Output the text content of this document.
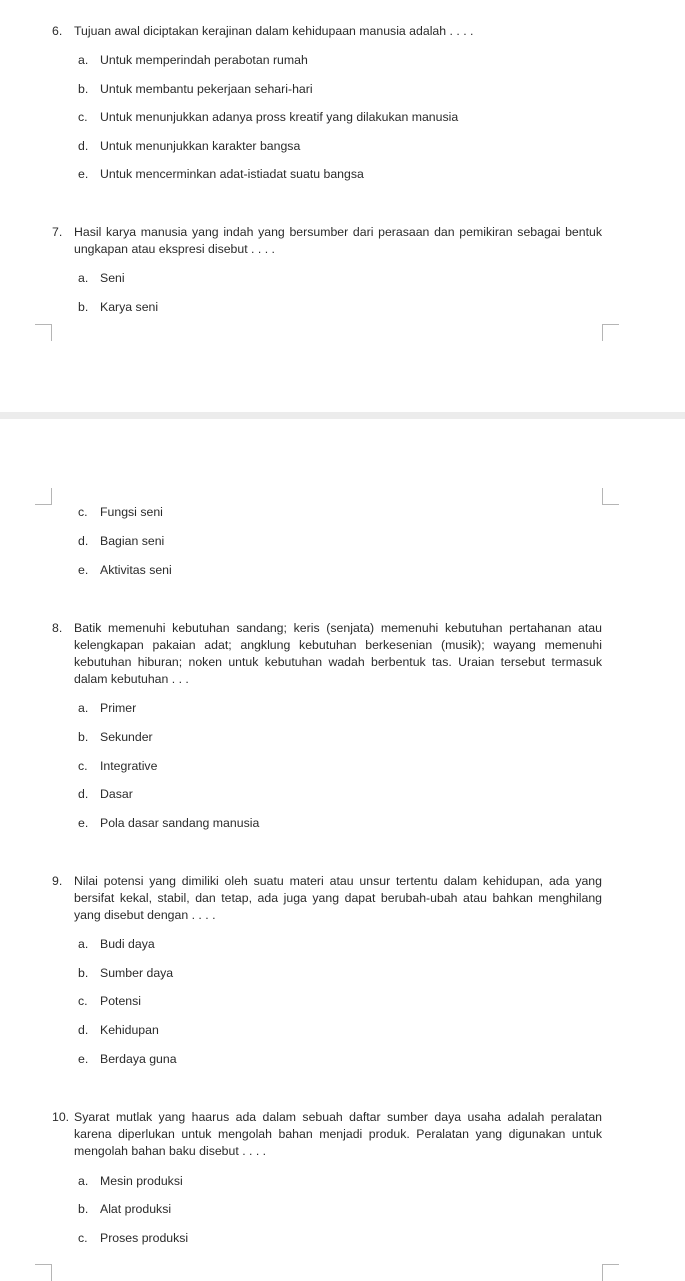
6. Tujuan awal diciptakan kerajinan dalam kehidupaan manusia adalah . . . .
a. Untuk memperindah perabotan rumah
b. Untuk membantu pekerjaan sehari-hari
c. Untuk menunjukkan adanya pross kreatif yang dilakukan manusia
d. Untuk menunjukkan karakter bangsa
e. Untuk mencerminkan adat-istiadat suatu bangsa
7. Hasil karya manusia yang indah yang bersumber dari perasaan dan pemikiran sebagai bentuk ungkapan atau ekspresi disebut . . . .
a. Seni
b. Karya seni
c. Fungsi seni
d. Bagian seni
e. Aktivitas seni
8. Batik memenuhi kebutuhan sandang; keris (senjata) memenuhi kebutuhan pertahanan atau kelengkapan pakaian adat; angklung kebutuhan berkesenian (musik); wayang memenuhi kebutuhan hiburan; noken untuk kebutuhan wadah berbentuk tas. Uraian tersebut termasuk dalam kebutuhan . . .
a. Primer
b. Sekunder
c. Integrative
d. Dasar
e. Pola dasar sandang manusia
9. Nilai potensi yang dimiliki oleh suatu materi atau unsur tertentu dalam kehidupan, ada yang bersifat kekal, stabil, dan tetap, ada juga yang dapat berubah-ubah atau bahkan menghilang yang disebut dengan . . . .
a. Budi daya
b. Sumber daya
c. Potensi
d. Kehidupan
e. Berdaya guna
10. Syarat mutlak yang haarus ada dalam sebuah daftar sumber daya usaha adalah peralatan karena diperlukan untuk mengolah bahan menjadi produk. Peralatan yang digunakan untuk mengolah bahan baku disebut . . . .
a. Mesin produksi
b. Alat produksi
c. Proses produksi
